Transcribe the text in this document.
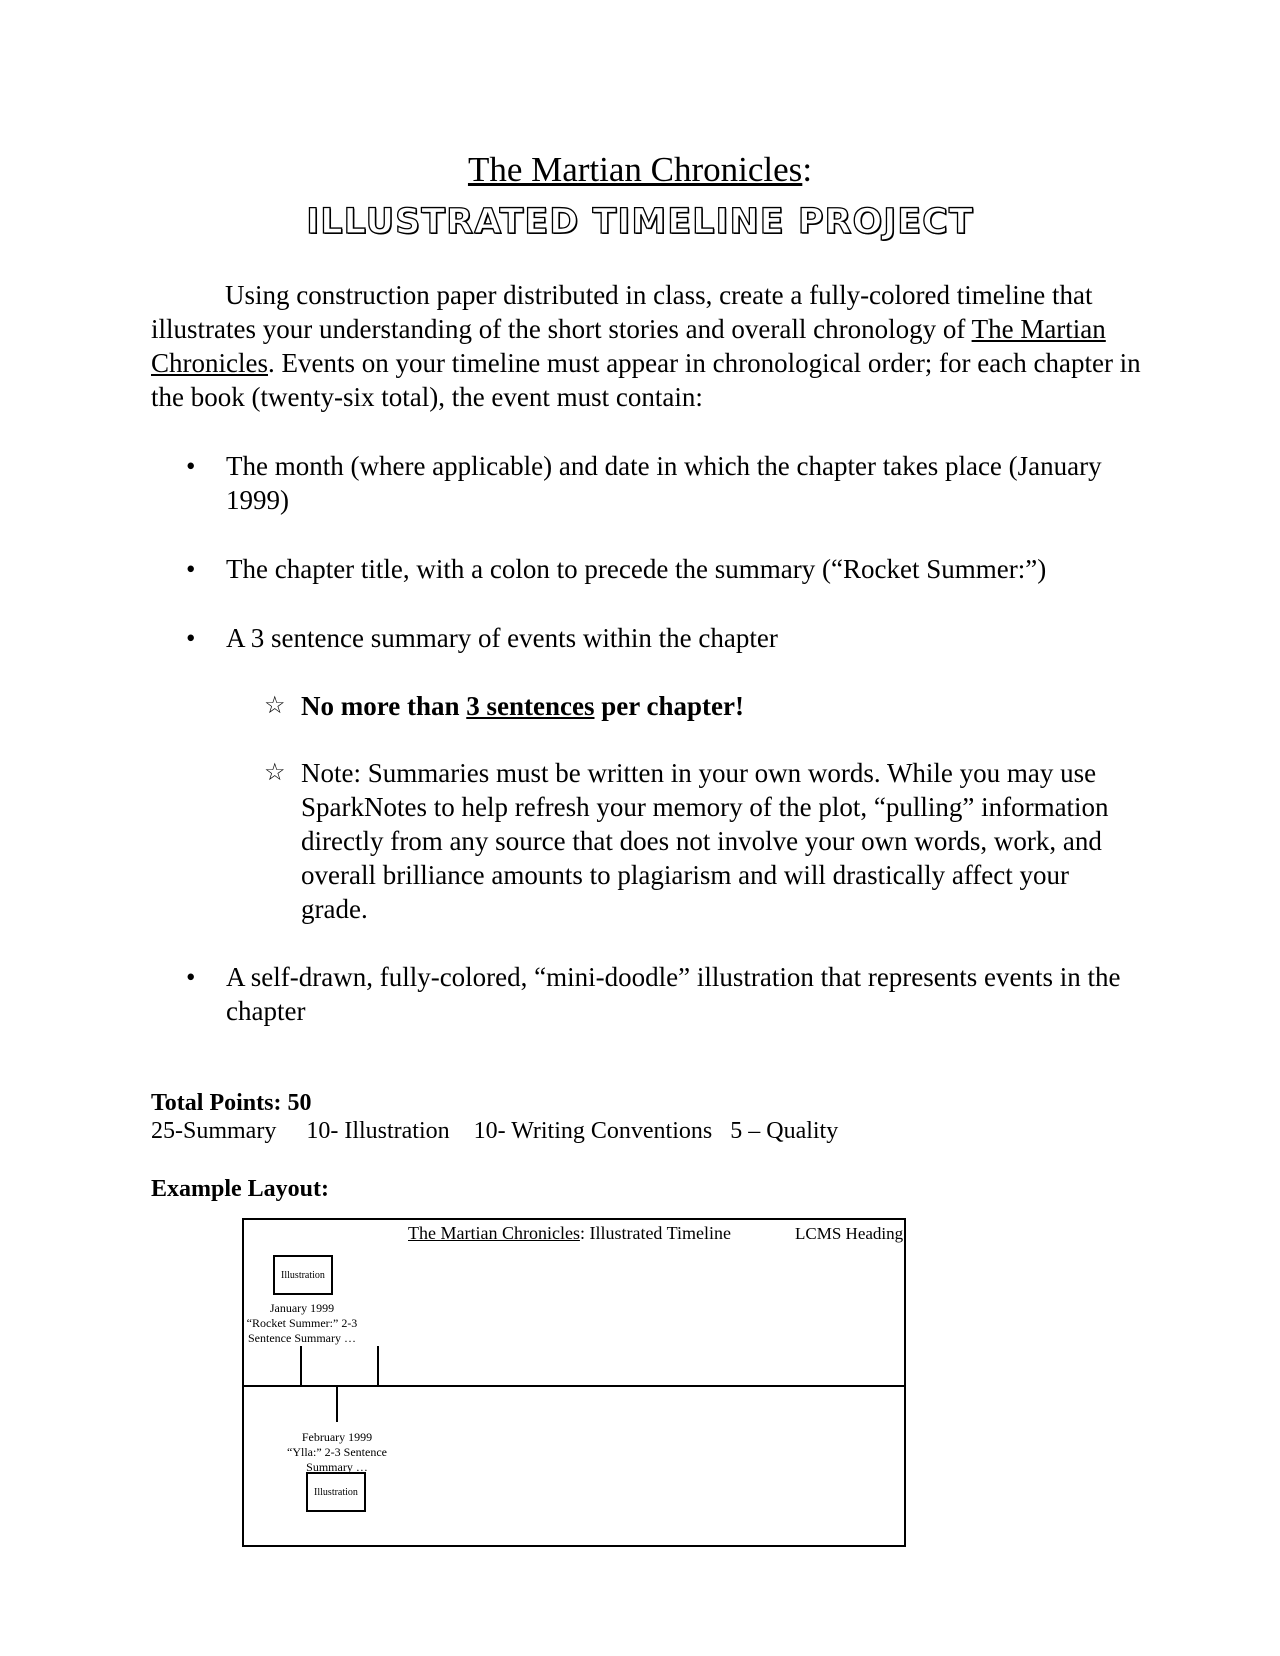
The Martian Chronicles:
ILLUSTRATED TIMELINE PROJECT
Using construction paper distributed in class, create a fully-colored timeline that illustrates your understanding of the short stories and overall chronology of The Martian Chronicles. Events on your timeline must appear in chronological order; for each chapter in the book (twenty-six total), the event must contain:
• The month (where applicable) and date in which the chapter takes place (January 1999)
• The chapter title, with a colon to precede the summary (“Rocket Summer:”)
• A 3 sentence summary of events within the chapter
☆ No more than 3 sentences per chapter!
☆ Note: Summaries must be written in your own words. While you may use SparkNotes to help refresh your memory of the plot, “pulling” information directly from any source that does not involve your own words, work, and overall brilliance amounts to plagiarism and will drastically affect your grade.
• A self-drawn, fully-colored, “mini-doodle” illustration that represents events in the chapter
Total Points: 50
25-Summary 10- Illustration 10- Writing Conventions 5 – Quality
Example Layout:
The Martian Chronicles: Illustrated Timeline	LCMS Heading
Illustration
January 1999
“Rocket Summer:” 2-3
Sentence Summary …
February 1999
“Ylla:” 2-3 Sentence
Summary …
Illustration
